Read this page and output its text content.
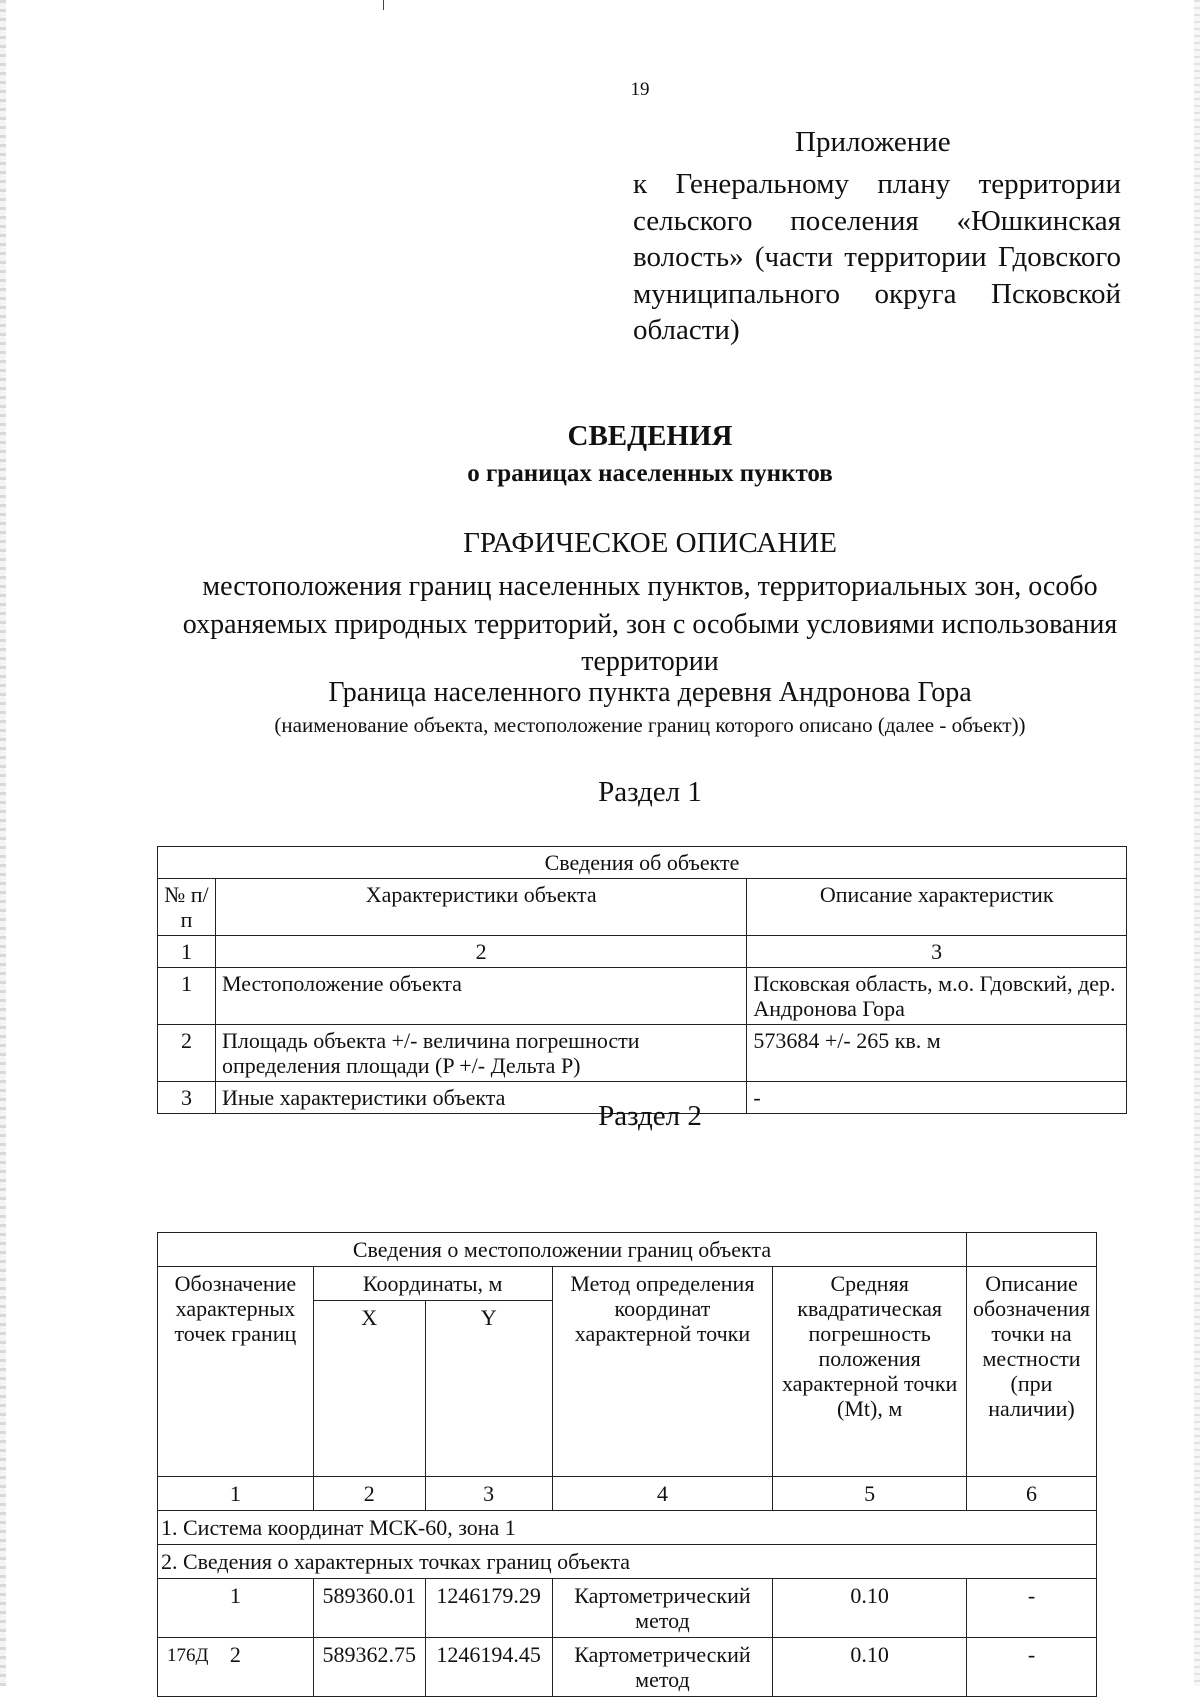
19
Приложение
к Генеральному плану территории сельского поселения «Юшкинская волость» (части территории Гдовского муниципального округа Псковской области)
СВЕДЕНИЯ
о границах населенных пунктов
ГРАФИЧЕСКОЕ ОПИСАНИЕ
местоположения границ населенных пунктов, территориальных зон, особо охраняемых природных территорий, зон с особыми условиями использования территории
Граница населенного пункта деревня Андронова Гора
(наименование объекта, местоположение границ которого описано (далее - объект))
Раздел 1
Сведения об объекте		
№ п/п	Характеристики объекта	Описание характеристик
1	2	3
1	Местоположение объекта	Псковская область, м.о. Гдовский, дер. Андронова Гора
2	Площадь объекта +/- величина погрешности определения площади (P +/- Дельта P)	573684 +/- 265 кв. м
3	Иные характеристики объекта	-
Раздел 2
Сведения о местоположении границ объекта					
Обозначение характерных точек границ	Координаты, м		Метод определения координат характерной точки	Средняя квадратическая погрешность положения характерной точки (Mt), м	Описание обозначения точки на местности (при наличии)
	X	Y			
1	2	3	4	5	6
1. Система координат МСК-60, зона 1					
2. Сведения о характерных точках границ объекта					
1	589360.01	1246179.29	Картометрический метод	0.10	-
2	589362.75	1246194.45	Картометрический метод	0.10	-
176Д
